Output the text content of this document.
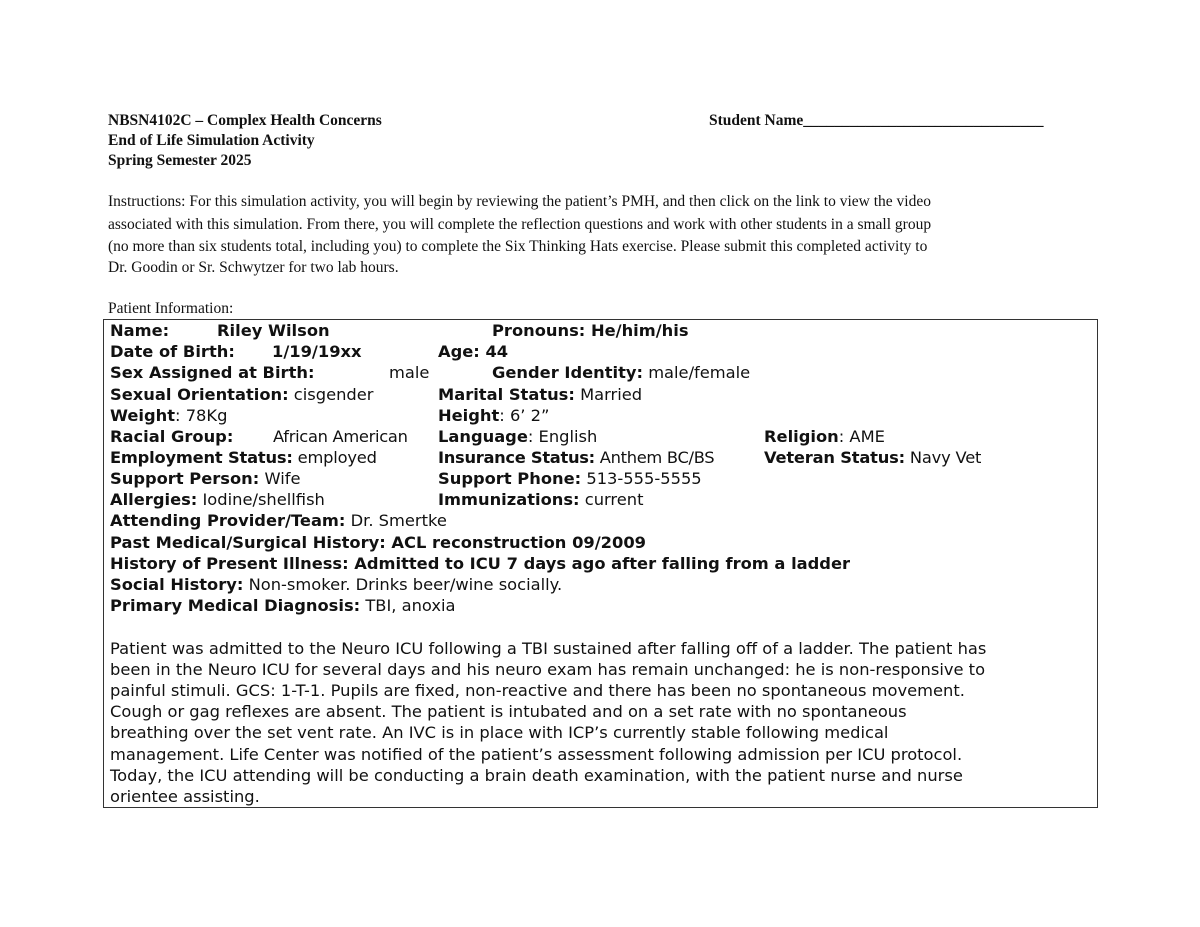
NBSN4102C – Complex Health Concerns
End of Life Simulation Activity
Spring Semester 2025
Student Name_______________________________
Instructions: For this simulation activity, you will begin by reviewing the patient’s PMH, and then click on the link to view the video
associated with this simulation. From there, you will complete the reflection questions and work with other students in a small group
(no more than six students total, including you) to complete the Six Thinking Hats exercise. Please submit this completed activity to
Dr. Goodin or Sr. Schwytzer for two lab hours.
Patient Information:
Name:	Riley Wilson	Pronouns: He/him/his
Date of Birth: 1/19/19xx	Age: 44
Sex Assigned at Birth:	male	Gender Identity: male/female
Sexual Orientation: cisgender	Marital Status: Married
Weight: 78Kg	Height: 6’ 2”
Racial Group: African American Language: English	Religion: AME
Employment Status: employed	Insurance Status: Anthem BC/BS	Veteran Status: Navy Vet
Support Person: Wife	Support Phone: 513-555-5555
Allergies: Iodine/shellfish	Immunizations: current
Attending Provider/Team: Dr. Smertke
Past Medical/Surgical History: ACL reconstruction 09/2009
History of Present Illness: Admitted to ICU 7 days ago after falling from a ladder
Social History: Non-smoker. Drinks beer/wine socially.
Primary Medical Diagnosis: TBI, anoxia
Patient was admitted to the Neuro ICU following a TBI sustained after falling off of a ladder. The patient has
been in the Neuro ICU for several days and his neuro exam has remain unchanged: he is non-responsive to
painful stimuli. GCS: 1-T-1. Pupils are fixed, non-reactive and there has been no spontaneous movement.
Cough or gag reflexes are absent. The patient is intubated and on a set rate with no spontaneous
breathing over the set vent rate. An IVC is in place with ICP’s currently stable following medical
management. Life Center was notified of the patient’s assessment following admission per ICU protocol.
Today, the ICU attending will be conducting a brain death examination, with the patient nurse and nurse
orientee assisting.
